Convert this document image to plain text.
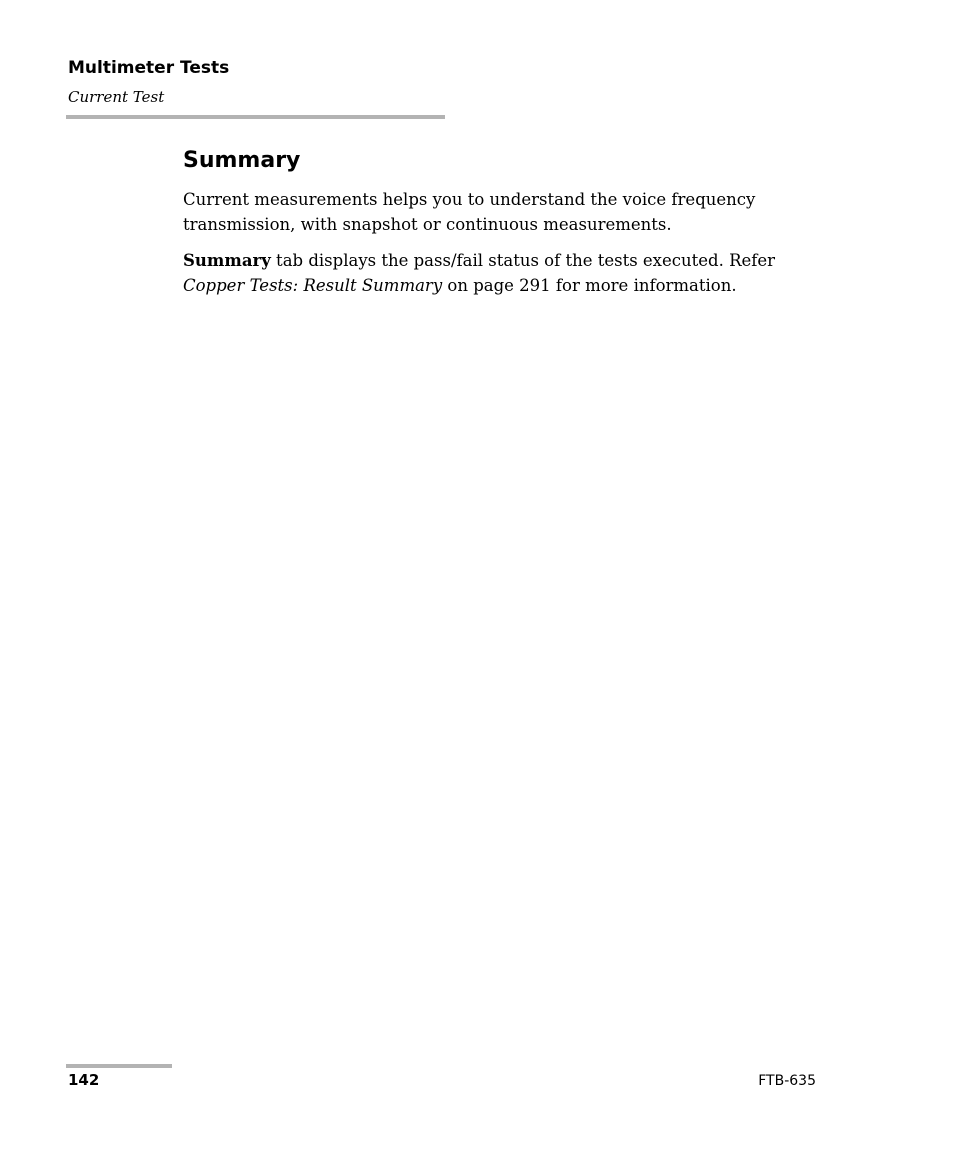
Multimeter Tests
Current Test
Summary

Current measurements helps you to understand the voice frequency transmission, with snapshot or continuous measurements.

Summary tab displays the pass/fail status of the tests executed. Refer Copper Tests: Result Summary on page 291 for more information.

142	FTB-635
